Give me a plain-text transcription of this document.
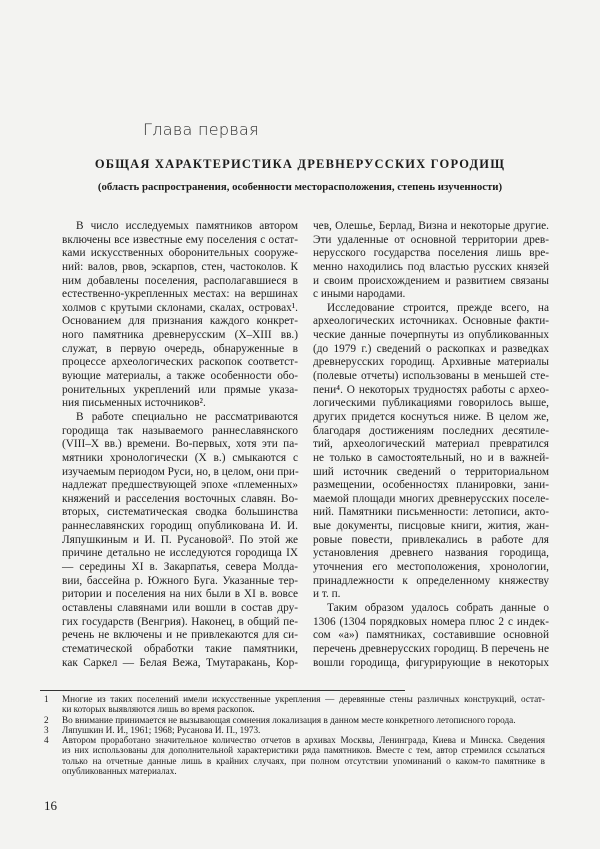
Глава первая
ОБЩАЯ ХАРАКТЕРИСТИКА ДРЕВНЕРУССКИХ ГОРОДИЩ
(область распространения, особенности месторасположения, степень изученности)
В число исследуемых памятников автором
включены все известные ему поселения с остат-
ками искусственных оборонительных сооруже-
ний: валов, рвов, эскарпов, стен, частоколов. К
ним добавлены поселения, располагавшиеся в
естественно-укрепленных местах: на вершинах
холмов с крутыми склонами, скалах, островах¹.
Основанием для признания каждого конкрет-
ного памятника древнерусским (X–XIII вв.)
служат, в первую очередь, обнаруженные в
процессе археологических раскопок соответст-
вующие материалы, а также особенности обо-
ронительных укреплений или прямые указа-
ния письменных источников².
В работе специально не рассматриваются
городища так называемого раннеславянского
(VIII–X вв.) времени. Во-первых, хотя эти па-
мятники хронологически (X в.) смыкаются с
изучаемым периодом Руси, но, в целом, они при-
надлежат предшествующей эпохе «племенных»
княжений и расселения восточных славян. Во-
вторых, систематическая сводка большинства
раннеславянских городищ опубликована И. И.
Ляпушкиным и И. П. Русановой³. По этой же
причине детально не исследуются городища IX
— середины XI в. Закарпатья, севера Молда-
вии, бассейна р. Южного Буга. Указанные тер-
ритории и поселения на них были в XI в. вовсе
оставлены славянами или вошли в состав дру-
гих государств (Венгрия). Наконец, в общий пе-
речень не включены и не привлекаются для си-
стематической обработки такие памятники,
как Саркел — Белая Вежа, Тмутаракань, Кор-
чев, Олешье, Берлад, Визна и некоторые другие.
Эти удаленные от основной территории древ-
нерусского государства поселения лишь вре-
менно находились под властью русских князей
и своим происхождением и развитием связаны
с иными народами.
Исследование строится, прежде всего, на
археологических источниках. Основные факти-
ческие данные почерпнуты из опубликованных
(до 1979 г.) сведений о раскопках и разведках
древнерусских городищ. Архивные материалы
(полевые отчеты) использованы в меньшей сте-
пени⁴. О некоторых трудностях работы с архео-
логическими публикациями говорилось выше,
других придется коснуться ниже. В целом же,
благодаря достижениям последних десятиле-
тий, археологический материал превратился
не только в самостоятельный, но и в важней-
ший источник сведений о территориальном
размещении, особенностях планировки, зани-
маемой площади многих древнерусских поселе-
ний. Памятники письменности: летописи, акто-
вые документы, писцовые книги, жития, жан-
ровые повести, привлекались в работе для
установления древнего названия городища,
уточнения его местоположения, хронологии,
принадлежности к определенному княжеству
и т. п.
Таким образом удалось собрать данные о
1306 (1304 порядковых номера плюс 2 с индек-
сом «а») памятниках, составившие основной
перечень древнерусских городищ. В перечень не
вошли городища, фигурирующие в некоторых
1 Многие из таких поселений имели искусственные укрепления — деревянные стены различных конструкций, остат-
ки которых выявляются лишь во время раскопок.
2 Во внимание принимается не вызывающая сомнения локализация в данном месте конкретного летописного города.
3 Ляпушкин И. И., 1961; 1968; Русанова И. П., 1973.
4 Автором проработано значительное количество отчетов в архивах Москвы, Ленинграда, Киева и Минска. Сведения
из них использованы для дополнительной характеристики ряда памятников. Вместе с тем, автор стремился ссылаться
только на отчетные данные лишь в крайних случаях, при полном отсутствии упоминаний о каком-то памятнике в
опубликованных материалах.
16
